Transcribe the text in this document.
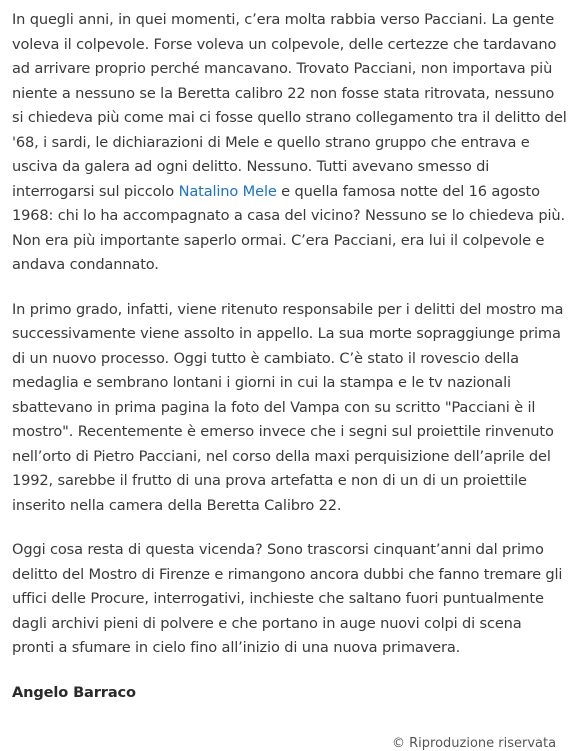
In quegli anni, in quei momenti, c’era molta rabbia verso Pacciani. La gente voleva il colpevole. Forse voleva un colpevole, delle certezze che tardavano ad arrivare proprio perché mancavano. Trovato Pacciani, non importava più niente a nessuno se la Beretta calibro 22 non fosse stata ritrovata, nessuno si chiedeva più come mai ci fosse quello strano collegamento tra il delitto del '68, i sardi, le dichiarazioni di Mele e quello strano gruppo che entrava e usciva da galera ad ogni delitto. Nessuno. Tutti avevano smesso di interrogarsi sul piccolo Natalino Mele e quella famosa notte del 16 agosto 1968: chi lo ha accompagnato a casa del vicino? Nessuno se lo chiedeva più. Non era più importante saperlo ormai. C’era Pacciani, era lui il colpevole e andava condannato.

In primo grado, infatti, viene ritenuto responsabile per i delitti del mostro ma successivamente viene assolto in appello. La sua morte sopraggiunge prima di un nuovo processo. Oggi tutto è cambiato. C’è stato il rovescio della medaglia e sembrano lontani i giorni in cui la stampa e le tv nazionali sbattevano in prima pagina la foto del Vampa con su scritto "Pacciani è il mostro". Recentemente è emerso invece che i segni sul proiettile rinvenuto nell’orto di Pietro Pacciani, nel corso della maxi perquisizione dell’aprile del 1992, sarebbe il frutto di una prova artefatta e non di un di un proiettile inserito nella camera della Beretta Calibro 22.

Oggi cosa resta di questa vicenda? Sono trascorsi cinquant’anni dal primo delitto del Mostro di Firenze e rimangono ancora dubbi che fanno tremare gli uffici delle Procure, interrogativi, inchieste che saltano fuori puntualmente dagli archivi pieni di polvere e che portano in auge nuovi colpi di scena pronti a sfumare in cielo fino all’inizio di una nuova primavera.

Angelo Barraco
© Riproduzione riservata
